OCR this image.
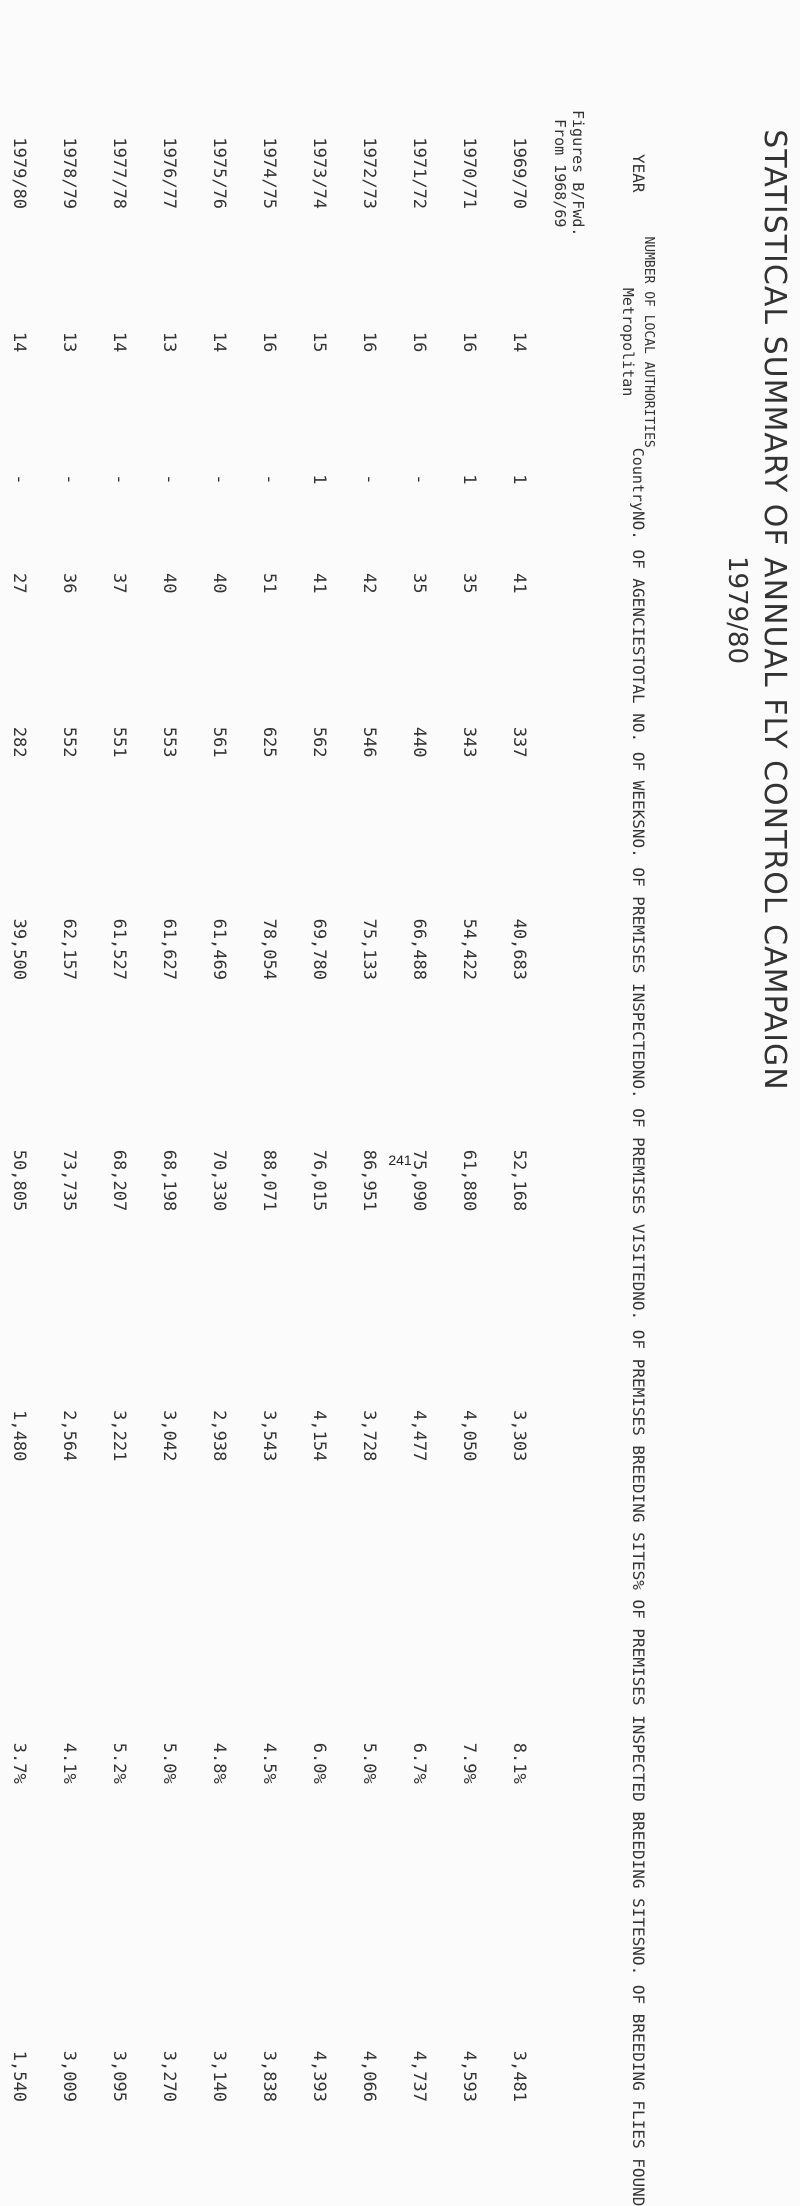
STATISTICAL SUMMARY OF ANNUAL FLY CONTROL CAMPAIGN
1979/80
YEAR	NUMBER OF LOCAL AUTHORITIES
Metropolitan	Country	NO. OF AGENCIES	TOTAL NO. OF WEEKS	NO. OF PREMISES INSPECTED	NO. OF PREMISES VISITED	NO. OF PREMISES BREEDING SITES	% OF PREMISES INSPECTED BREEDING SITES	NO. OF BREEDING FLIES FOUND

Figures B/Fwd.
From 1968/69									

1969/70	14	1	41	337	40,683	52,168	3,303	8.1%	3,481
1970/71	16	1	35	343	54,422	61,880	4,050	7.9%	4,593
1971/72	16	-	35	440	66,488	75,090	4,477	6.7%	4,737
1972/73	16	-	42	546	75,133	86,951	3,728	5.0%	4,066
1973/74	15	1	41	562	69,780	76,015	4,154	6.0%	4,393
1974/75	16	-	51	625	78,054	88,071	3,543	4.5%	3,838
1975/76	14	-	40	561	61,469	70,330	2,938	4.8%	3,140
1976/77	13	-	40	553	61,627	68,198	3,042	5.0%	3,270
1977/78	14	-	37	551	61,527	68,207	3,221	5.2%	3,095
1978/79	13	-	36	552	62,157	73,735	2,564	4.1%	3,009
1979/80	14	-	27	282	39,500	50,805	1,480	3.7%	1,540
241
